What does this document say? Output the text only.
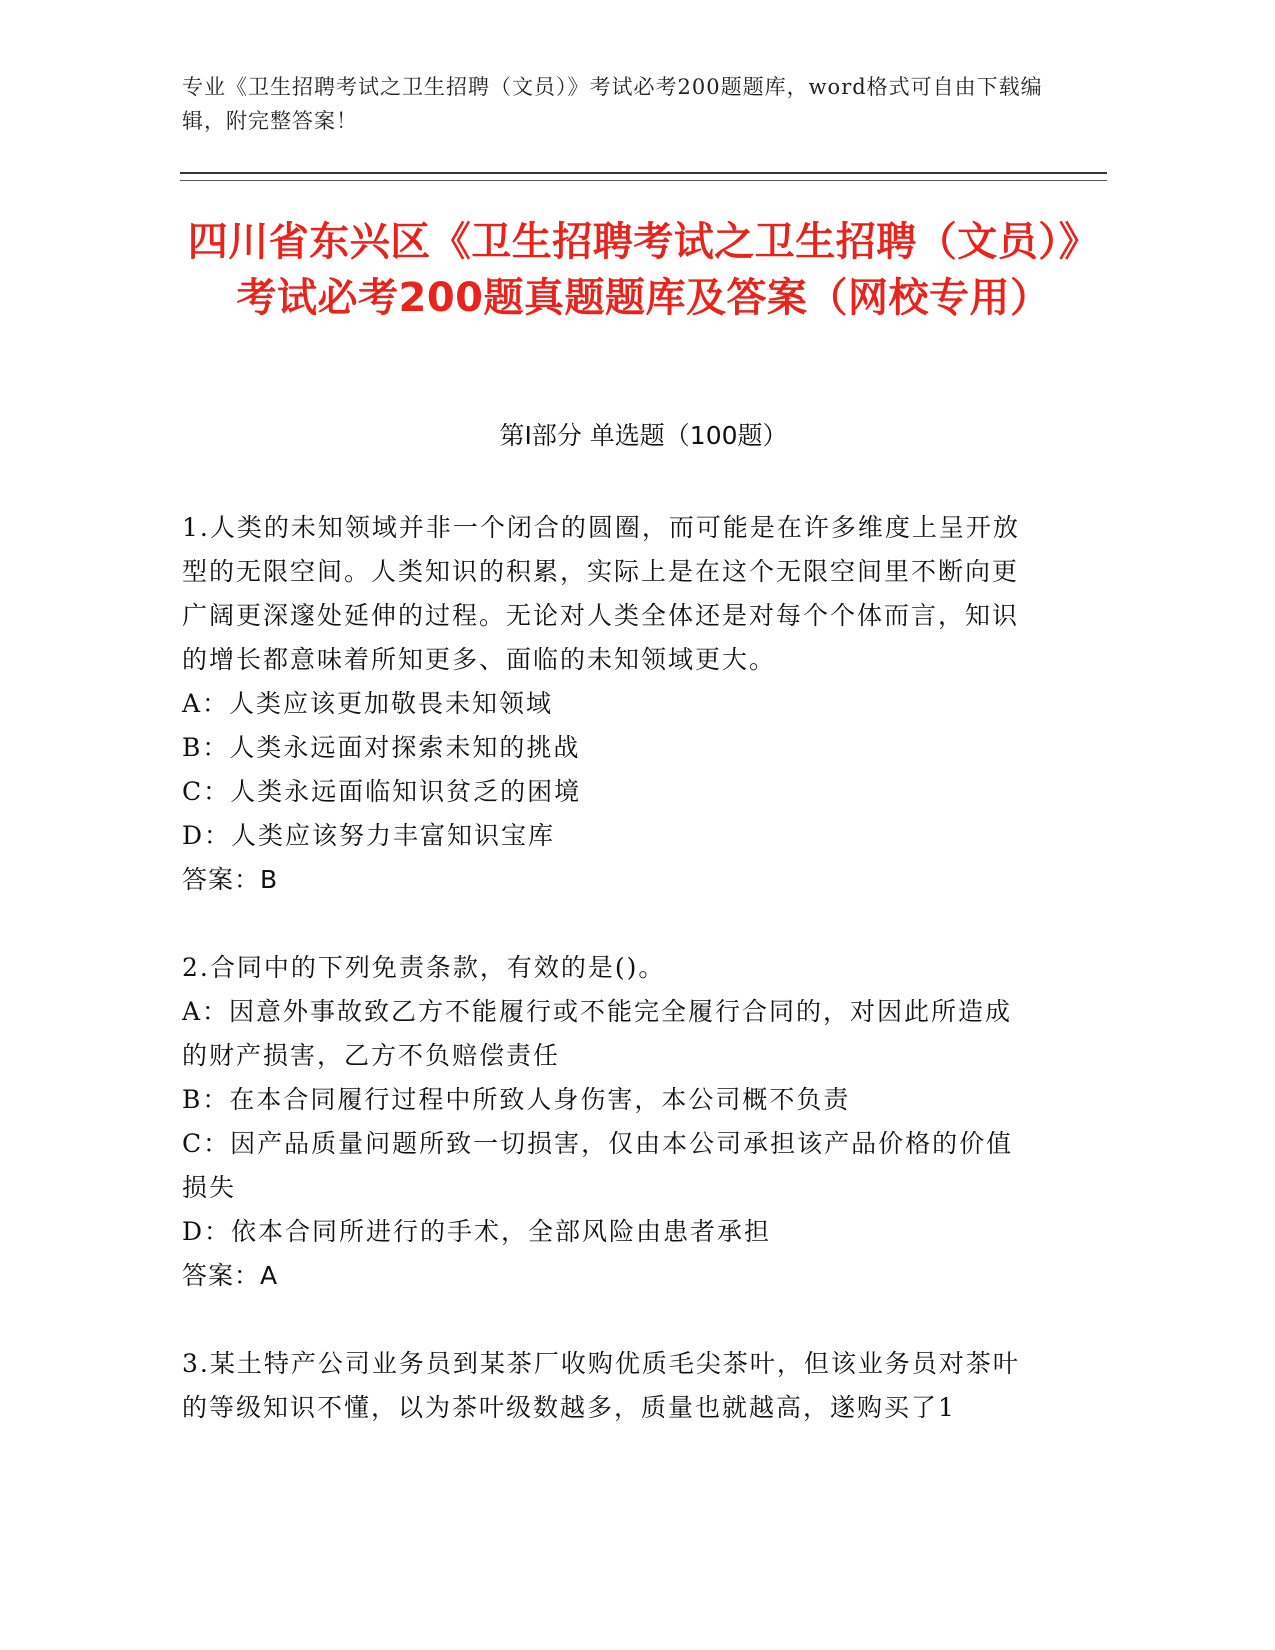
专业《卫生招聘考试之卫生招聘（文员）》考试必考200题题库，word格式可自由下载编辑，附完整答案！
四川省东兴区《卫生招聘考试之卫生招聘（文员）》考试必考200题真题题库及答案（网校专用）
第Ⅰ部分 单选题（100题）

1.人类的未知领域并非一个闭合的圆圈，而可能是在许多维度上呈开放型的无限空间。人类知识的积累，实际上是在这个无限空间里不断向更广阔更深邃处延伸的过程。无论对人类全体还是对每个个体而言，知识的增长都意味着所知更多、面临的未知领域更大。

A：人类应该更加敬畏未知领域

B：人类永远面对探索未知的挑战

C：人类永远面临知识贫乏的困境

D：人类应该努力丰富知识宝库

答案：B

2.合同中的下列免责条款，有效的是()。

A：因意外事故致乙方不能履行或不能完全履行合同的，对因此所造成的财产损害，乙方不负赔偿责任

B：在本合同履行过程中所致人身伤害，本公司概不负责

C：因产品质量问题所致一切损害，仅由本公司承担该产品价格的价值损失

D：依本合同所进行的手术，全部风险由患者承担

答案：A

3.某土特产公司业务员到某茶厂收购优质毛尖茶叶，但该业务员对茶叶的等级知识不懂，以为茶叶级数越多，质量也就越高，遂购买了1
